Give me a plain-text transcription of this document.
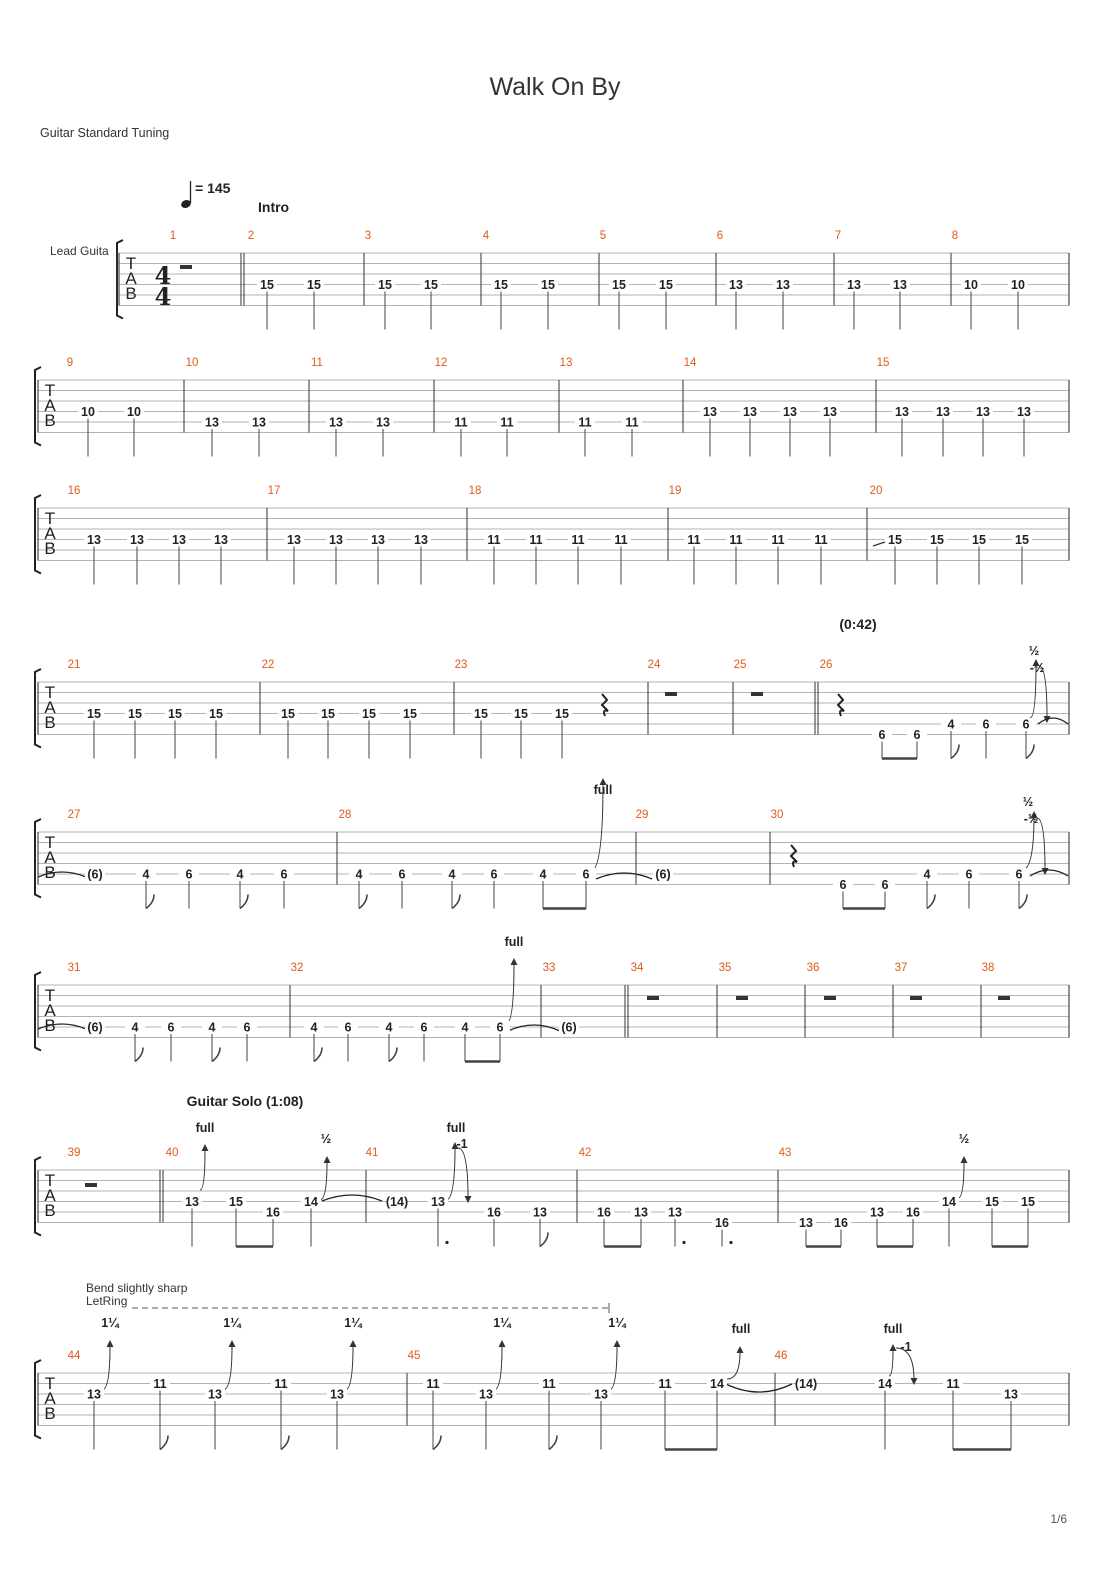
Walk On By
Guitar Standard Tuning
= 145
Intro
Lead Guita
T
A
B
1	2	3	4	5	6	7	8
T
A
B
9	10	11	12	13	14	15
T
A
B
16	17	18	19	20
T
A
B
21	22	23	24	25	26
T
A
B
27	28	29	30
T
A
B
31	32	33	34	35	36	37	38
T
A
B
39	40	41	42	43
T
A
B
44	45	46
4
4
(0:42)
Guitar Solo (1:08)
Bend slightly sharp
LetRing
½
-½
full
½
-½
full
full
½
full
-1	½
1¼	1¼	1¼	1¼	1¼	full	full
-1
1/6
15	15	15	15	15	15	15	15	13	13	13	13	10	10
10	10
13	13	13	13	11	11	11	11
13 13 13 13	13 13 13 13
13 13 13 13	13 13 13 13	11 11 11 11	11 11 11 11	15 15 15 15
15 15 15 15	15 15 15 15	15 15 15
6 6
4 6	6
(6)	4	6	4	6	4	6	4	6	4	6	(6)
6	6
4	6	6
(6) 4 6	4 6	4 6	4 6	4 6	(6)
13 15
16
14	(14) 13
16	13	16 13 13
16	13 16
13 16
14 15 15
13
11
13
11
13
11
13
11
13
11	14	(14)	14	11
13
